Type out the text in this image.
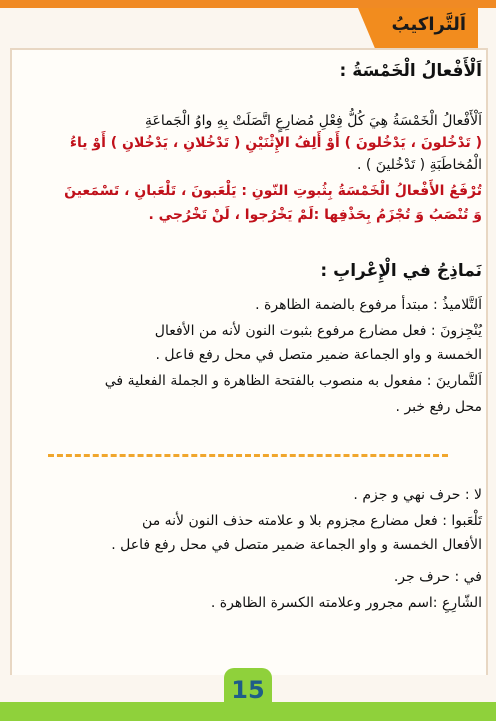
اَلتَّراكيبُ
اَلْأَفْعالُ الْخَمْسَةُ :
اَلْأَفْعالُ الْخَمْسَةُ هِيَ كُلُّ فِعْلِ مُضارِعٍ اتَّصَلَتْ بِهِ واوُ الْجَماعَةِ
( تَدْخُلونَ ، يَدْخُلونَ ) أَوْ أَلِفُ الإِثْنَيْنِ ( تَدْخُلانِ ، يَدْخُلانِ ) أَوْ ياءُ
الْمُخاطَبَةِ ( تَدْخُلينَ ) .
تُرْفَعُ الأَفْعالُ الْخَمْسَةُ بِثُبوتِ النّونِ : يَلْعَبونَ ، تَلْعَبانِ ، تَسْمَعينَ
وَ تُنْصَبُ وَ تُجْزَمُ بِحَذْفِها :لَمْ يَخْرُجوا ، لَنْ تَخْرُجي .
نَماذِجُ في الْإِعْرابِ :
اَلتَّلاميذُ : مبتدأ مرفوع بالضمة الظاهرة .
يُنْجِزونَ : فعل مضارع مرفوع بثبوت النون لأنه من الأفعال
الخمسة و واو الجماعة ضمير متصل في محل رفع فاعل .
اَلتَّمارينَ : مفعول به منصوب بالفتحة الظاهرة و الجملة الفعلية في
محل رفع خبر .
لا : حرف نهي و جزم .
تَلْعَبوا : فعل مضارع مجزوم بلا و علامته حذف النون لأنه من
الأفعال الخمسة و واو الجماعة ضمير متصل في محل رفع فاعل .
في : حرف جر.
الشّارِعِ :اسم مجرور وعلامته الكسرة الظاهرة .
15
